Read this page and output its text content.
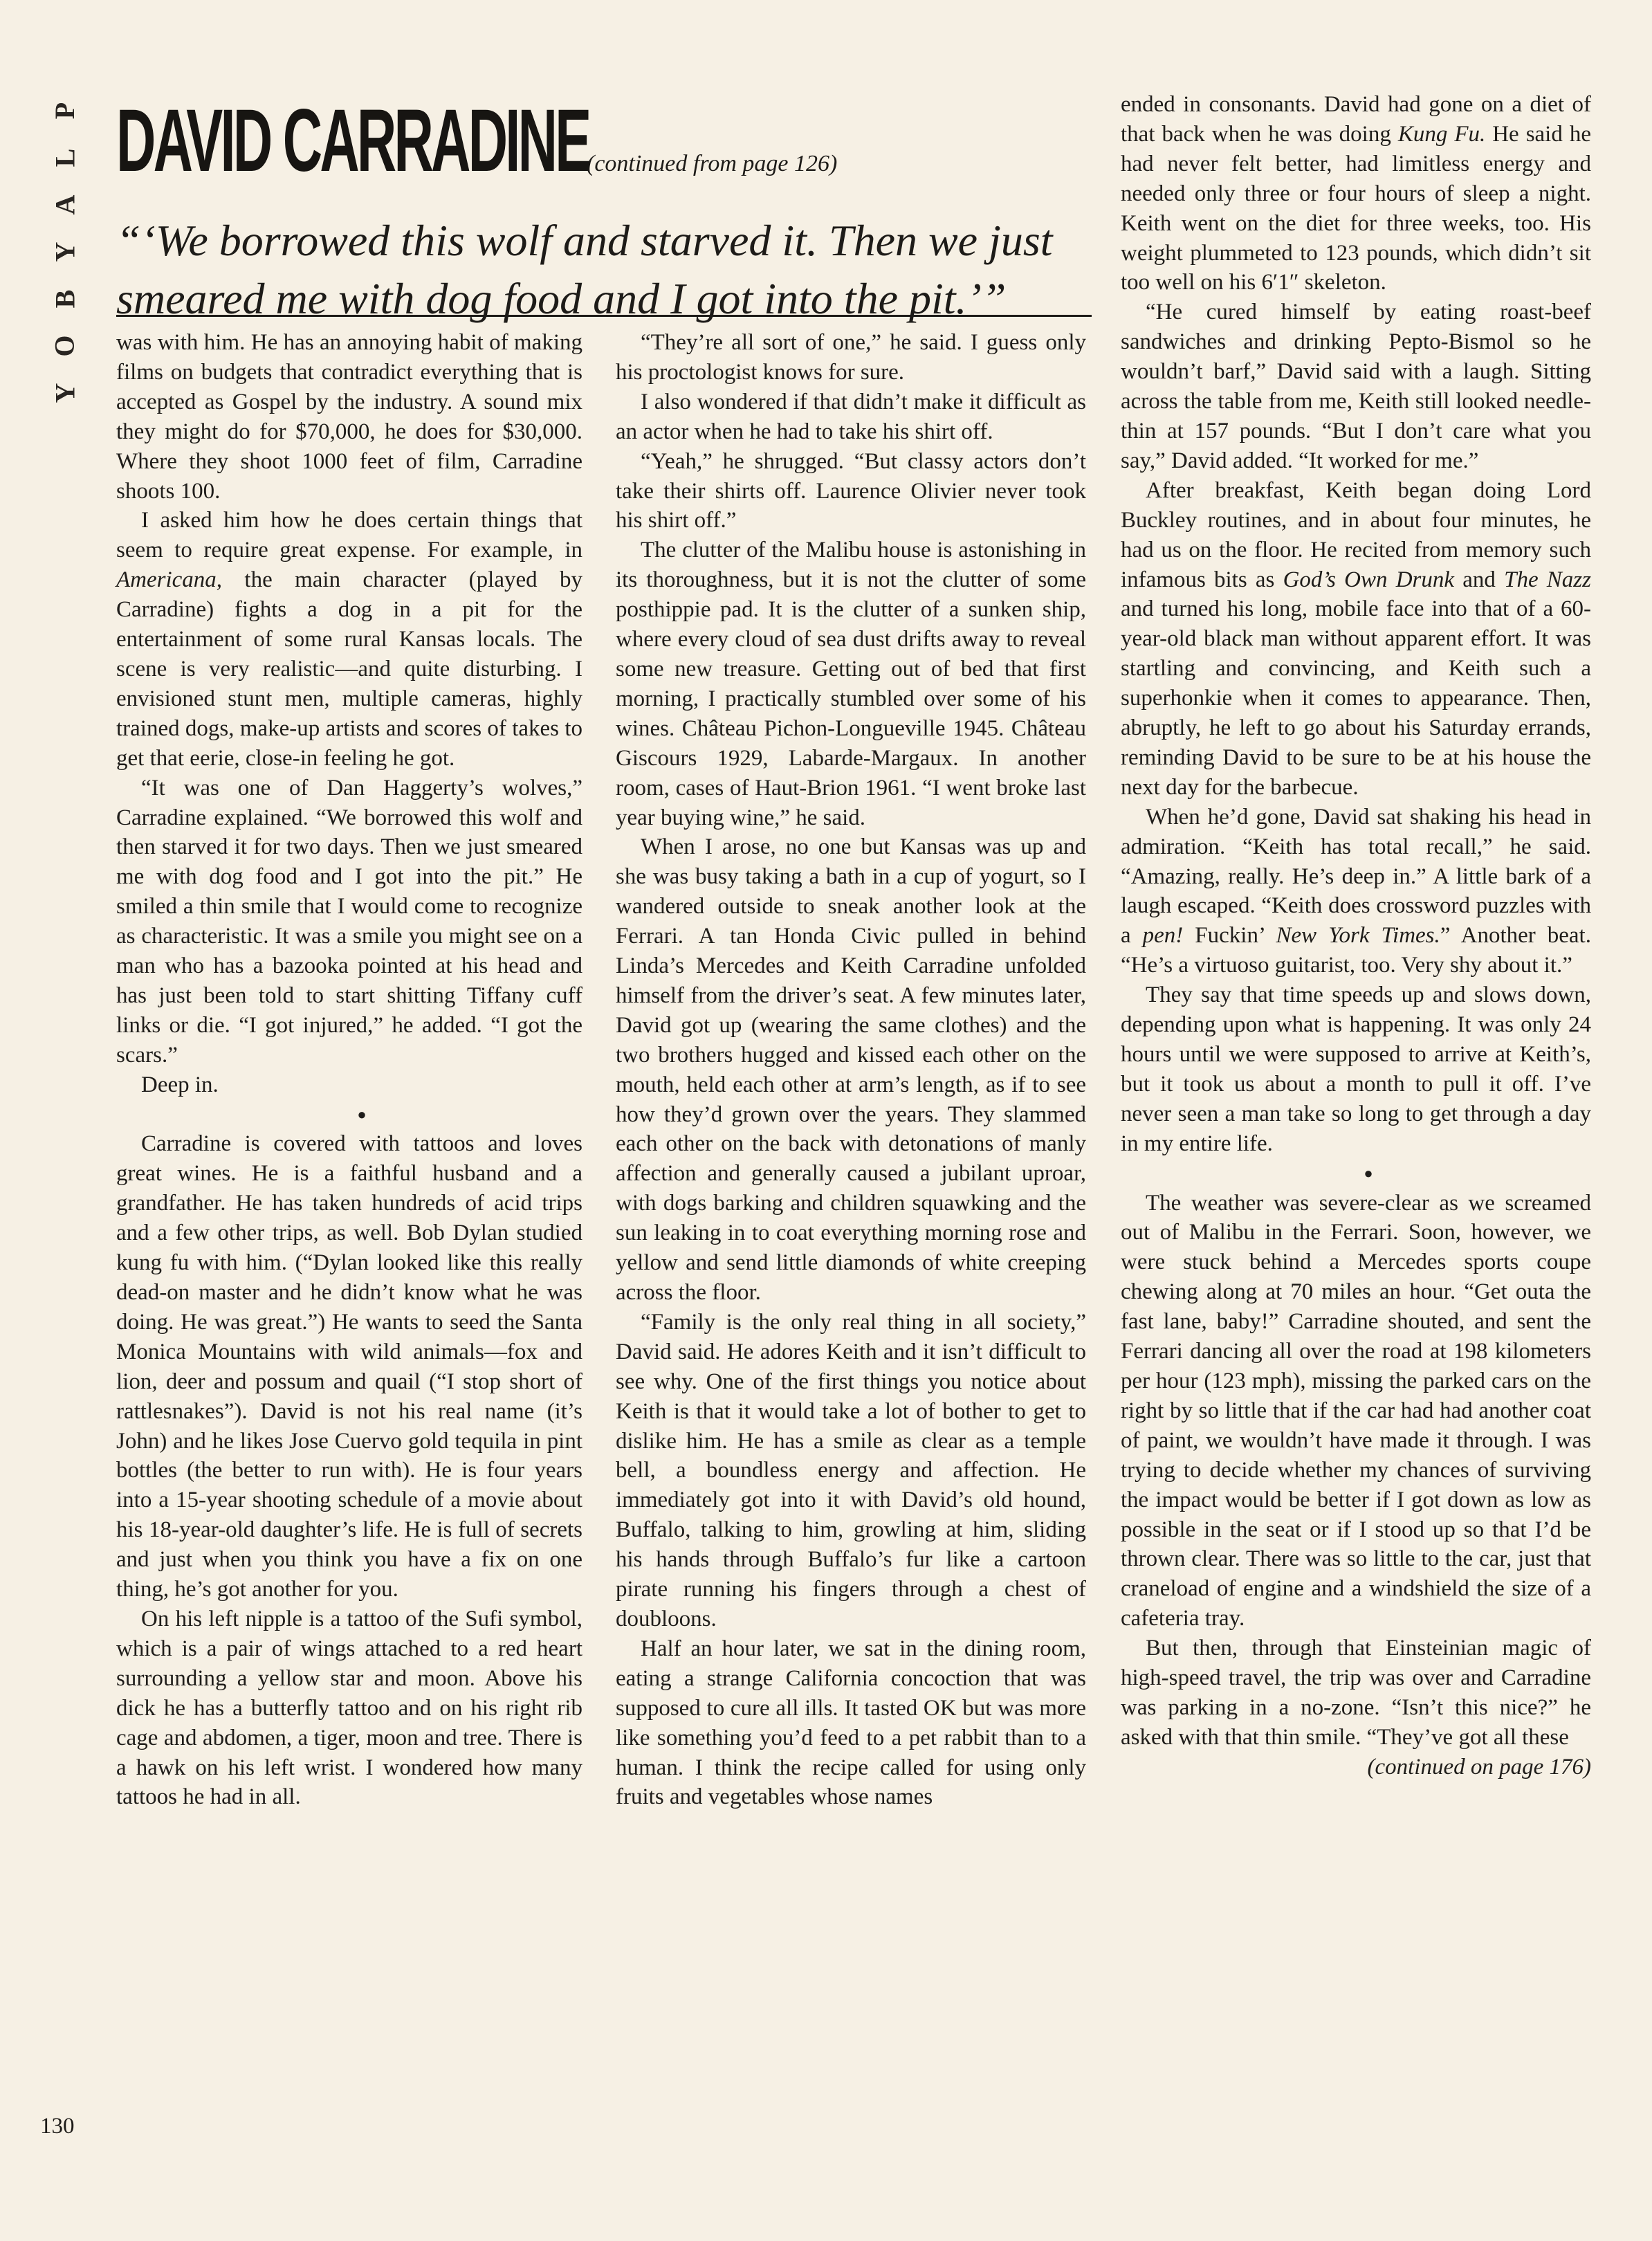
P
L
A
Y
B
O
Y
DAVID CARRADINE
(continued from page 126)
“‘We borrowed this wolf and starved it. Then we just smeared me with dog food and I got into the pit.’”

was with him. He has an annoying habit of making films on budgets that contradict everything that is accepted as Gospel by the industry. A sound mix they might do for $70,000, he does for $30,000. Where they shoot 1000 feet of film, Carradine shoots 100.

I asked him how he does certain things that seem to require great expense. For example, in Americana, the main character (played by Carradine) fights a dog in a pit for the entertainment of some rural Kansas locals. The scene is very realistic—and quite disturbing. I envisioned stunt men, multiple cameras, highly trained dogs, make-up artists and scores of takes to get that eerie, close-in feeling he got.

“It was one of Dan Haggerty’s wolves,” Carradine explained. “We borrowed this wolf and then starved it for two days. Then we just smeared me with dog food and I got into the pit.” He smiled a thin smile that I would come to recognize as characteristic. It was a smile you might see on a man who has a bazooka pointed at his head and has just been told to start shitting Tiffany cuff links or die. “I got injured,” he added. “I got the scars.”

Deep in.

●

Carradine is covered with tattoos and loves great wines. He is a faithful husband and a grandfather. He has taken hundreds of acid trips and a few other trips, as well. Bob Dylan studied kung fu with him. (“Dylan looked like this really dead-on master and he didn’t know what he was doing. He was great.”) He wants to seed the Santa Monica Mountains with wild animals—fox and lion, deer and possum and quail (“I stop short of rattlesnakes”). David is not his real name (it’s John) and he likes Jose Cuervo gold tequila in pint bottles (the better to run with). He is four years into a 15-year shooting schedule of a movie about his 18-year-old daughter’s life. He is full of secrets and just when you think you have a fix on one thing, he’s got another for you.

On his left nipple is a tattoo of the Sufi symbol, which is a pair of wings attached to a red heart surrounding a yellow star and moon. Above his dick he has a butterfly tattoo and on his right rib cage and abdomen, a tiger, moon and tree. There is a hawk on his left wrist. I wondered how many tattoos he had in all.

“They’re all sort of one,” he said. I guess only his proctologist knows for sure.

I also wondered if that didn’t make it difficult as an actor when he had to take his shirt off.

“Yeah,” he shrugged. “But classy actors don’t take their shirts off. Laurence Olivier never took his shirt off.”

The clutter of the Malibu house is astonishing in its thoroughness, but it is not the clutter of some posthippie pad. It is the clutter of a sunken ship, where every cloud of sea dust drifts away to reveal some new treasure. Getting out of bed that first morning, I practically stumbled over some of his wines. Château Pichon-Longueville 1945. Château Giscours 1929, Labarde-Margaux. In another room, cases of Haut-Brion 1961. “I went broke last year buying wine,” he said.

When I arose, no one but Kansas was up and she was busy taking a bath in a cup of yogurt, so I wandered outside to sneak another look at the Ferrari. A tan Honda Civic pulled in behind Linda’s Mercedes and Keith Carradine unfolded himself from the driver’s seat. A few minutes later, David got up (wearing the same clothes) and the two brothers hugged and kissed each other on the mouth, held each other at arm’s length, as if to see how they’d grown over the years. They slammed each other on the back with detonations of manly affection and generally caused a jubilant uproar, with dogs barking and children squawking and the sun leaking in to coat everything morning rose and yellow and send little diamonds of white creeping across the floor.

“Family is the only real thing in all society,” David said. He adores Keith and it isn’t difficult to see why. One of the first things you notice about Keith is that it would take a lot of bother to get to dislike him. He has a smile as clear as a temple bell, a boundless energy and affection. He immediately got into it with David’s old hound, Buffalo, talking to him, growling at him, sliding his hands through Buffalo’s fur like a cartoon pirate running his fingers through a chest of doubloons.

Half an hour later, we sat in the dining room, eating a strange California concoction that was supposed to cure all ills. It tasted OK but was more like something you’d feed to a pet rabbit than to a human. I think the recipe called for using only fruits and vegetables whose names

ended in consonants. David had gone on a diet of that back when he was doing Kung Fu. He said he had never felt better, had limitless energy and needed only three or four hours of sleep a night. Keith went on the diet for three weeks, too. His weight plummeted to 123 pounds, which didn’t sit too well on his 6′1″ skeleton.

“He cured himself by eating roast-beef sandwiches and drinking Pepto-Bismol so he wouldn’t barf,” David said with a laugh. Sitting across the table from me, Keith still looked needle-thin at 157 pounds. “But I don’t care what you say,” David added. “It worked for me.”

After breakfast, Keith began doing Lord Buckley routines, and in about four minutes, he had us on the floor. He recited from memory such infamous bits as God’s Own Drunk and The Nazz and turned his long, mobile face into that of a 60-year-old black man without apparent effort. It was startling and convincing, and Keith such a superhonkie when it comes to appearance. Then, abruptly, he left to go about his Saturday errands, reminding David to be sure to be at his house the next day for the barbecue.

When he’d gone, David sat shaking his head in admiration. “Keith has total recall,” he said. “Amazing, really. He’s deep in.” A little bark of a laugh escaped. “Keith does crossword puzzles with a pen! Fuckin’ New York Times.” Another beat. “He’s a virtuoso guitarist, too. Very shy about it.”

They say that time speeds up and slows down, depending upon what is happening. It was only 24 hours until we were supposed to arrive at Keith’s, but it took us about a month to pull it off. I’ve never seen a man take so long to get through a day in my entire life.

●

The weather was severe-clear as we screamed out of Malibu in the Ferrari. Soon, however, we were stuck behind a Mercedes sports coupe chewing along at 70 miles an hour. “Get outa the fast lane, baby!” Carradine shouted, and sent the Ferrari dancing all over the road at 198 kilometers per hour (123 mph), missing the parked cars on the right by so little that if the car had had another coat of paint, we wouldn’t have made it through. I was trying to decide whether my chances of surviving the impact would be better if I got down as low as possible in the seat or if I stood up so that I’d be thrown clear. There was so little to the car, just that craneload of engine and a windshield the size of a cafeteria tray.

But then, through that Einsteinian magic of high-speed travel, the trip was over and Carradine was parking in a no-zone. “Isn’t this nice?” he asked with that thin smile. “They’ve got all these

(continued on page 176)

130
